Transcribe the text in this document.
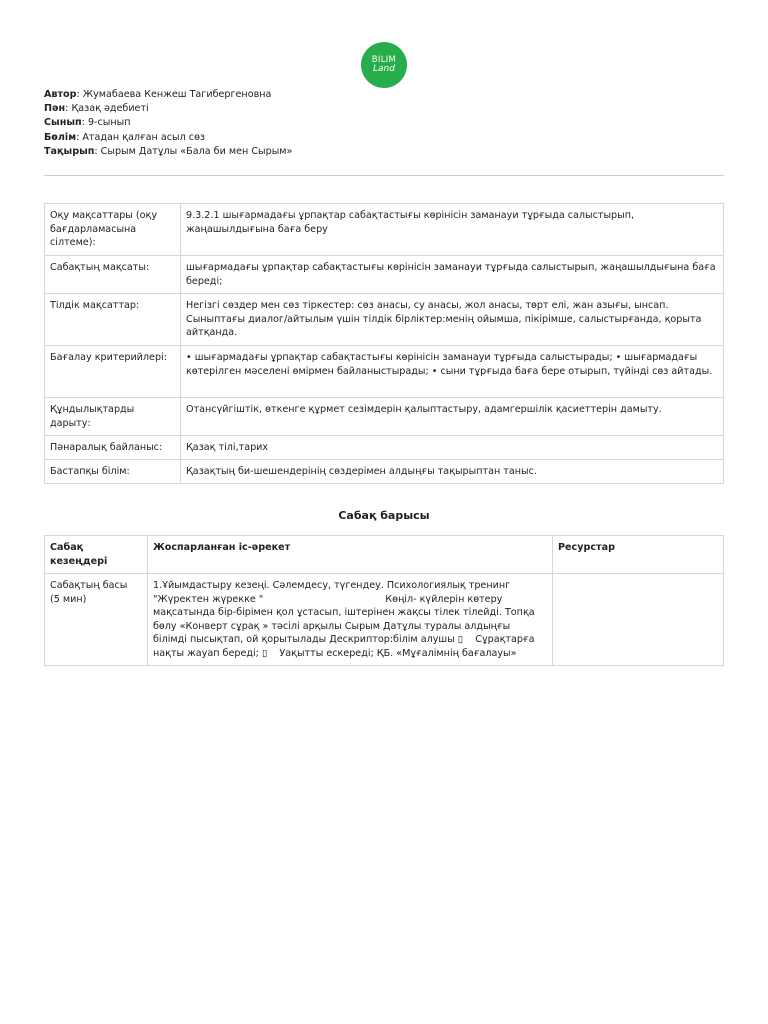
BILIM
Land
Автор: Жумабаева Кенжеш Тагибергеновна
Пән: Қазақ әдебиеті
Сынып: 9-сынып
Бөлім: Атадан қалған асыл сөз
Тақырып: Сырым Датұлы «Бала би мен Сырым»
Оқу мақсаттары (оқу бағдарламасына сілтеме):	9.3.2.1 шығармадағы ұрпақтар сабақтастығы көрінісін заманауи тұрғыда салыстырып, жаңашылдығына баға беру
Сабақтың мақсаты:	шығармадағы ұрпақтар сабақтастығы көрінісін заманауи тұрғыда салыстырып, жаңашылдығына баға береді;
Тілдік мақсаттар:	Негізгі сөздер мен сөз тіркестер: сөз анасы, су анасы, жол анасы, төрт елі, жан азығы, ынсап. Сыныптағы диалог/айтылым үшін тілдік бірліктер:менің ойымша, пікірімше, салыстырғанда, қорыта айтқанда.
Бағалау критерийлері:	• шығармадағы ұрпақтар сабақтастығы көрінісін заманауи тұрғыда салыстырады; • шығармадағы көтерілген мәселені өмірмен байланыстырады; • сыни тұрғыда баға бере отырып, түйінді сөз айтады.
Құндылықтарды дарыту:	Отансүйгіштік, өткенге құрмет сезімдерін қалыптастыру, адамгершілік қасиеттерін дамыту.
Пәнаралық байланыс:	Қазақ тілі,тарих
Бастапқы білім:	Қазақтың би-шешендерінің сөздерімен алдыңғы тақырыптан таныс.
Сабақ барысы
Сабақ кезеңдері	Жоспарланған іс-әрекет	Ресурстар
Сабақтың басы
(5 мин)	1.Ұйымдастыру кезеңі. Сәлемдесу, түгендеу. Психологиялық тренинг "Жүректен жүрекке "                                        Көңіл- күйлерін көтеру мақсатында бір-бірімен қол ұстасып, іштерінен жақсы тілек тілейді. Топқа бөлу «Конверт сұрақ » тәсілі арқылы Сырым Датұлы туралы алдыңғы білімді пысықтап, ой қорытылады Дескриптор:білім алушы ▯    Сұрақтарға нақты жауап береді; ▯    Уақытты ескереді; ҚБ. «Мұғалімнің бағалауы»	
